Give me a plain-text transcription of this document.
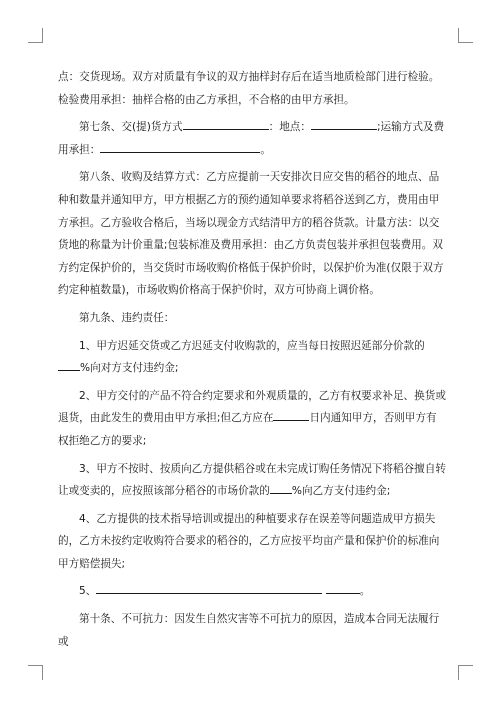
点：交货现场。双方对质量有争议的双方抽样封存后在适当地质检部门进行检验。检验费用承担：抽样合格的由乙方承担，不合格的由甲方承担。

第七条、交(提)货方式	：地点：	;运输方式及费用承担：	。

第八条、收购及结算方式：乙方应提前一天安排次日应交售的稻谷的地点、品种和数量并通知甲方，甲方根据乙方的预约通知单要求将稻谷送到乙方，费用由甲方承担。乙方验收合格后，当场以现金方式结清甲方的稻谷货款。计量方法：以交货地的称量为计价重量;包装标准及费用承担：由乙方负责包装并承担包装费用。双方约定保护价的，当交货时市场收购价格低于保护价时，以保护价为准(仅限于双方约定种植数量)，市场收购价格高于保护价时，双方可协商上调价格。

第九条、违约责任：

1、甲方迟延交货或乙方迟延支付收购款的，应当每日按照迟延部分价款的%向对方支付违约金;

2、甲方交付的产品不符合约定要求和外观质量的，乙方有权要求补足、换货或退货，由此发生的费用由甲方承担;但乙方应在	日内通知甲方，否则甲方有权拒绝乙方的要求;

3、甲方不按时、按质向乙方提供稻谷或在未完成订购任务情况下将稻谷擅自转让或变卖的，应按照该部分稻谷的市场价款的 %向乙方支付违约金;

4、乙方提供的技术指导培训或提出的种植要求存在误差等问题造成甲方损失的，乙方未按约定收购符合要求的稻谷的，乙方应按平均亩产量和保护价的标准向甲方赔偿损失;

5、	。

第十条、不可抗力：因发生自然灾害等不可抗力的原因，造成本合同无法履行或
